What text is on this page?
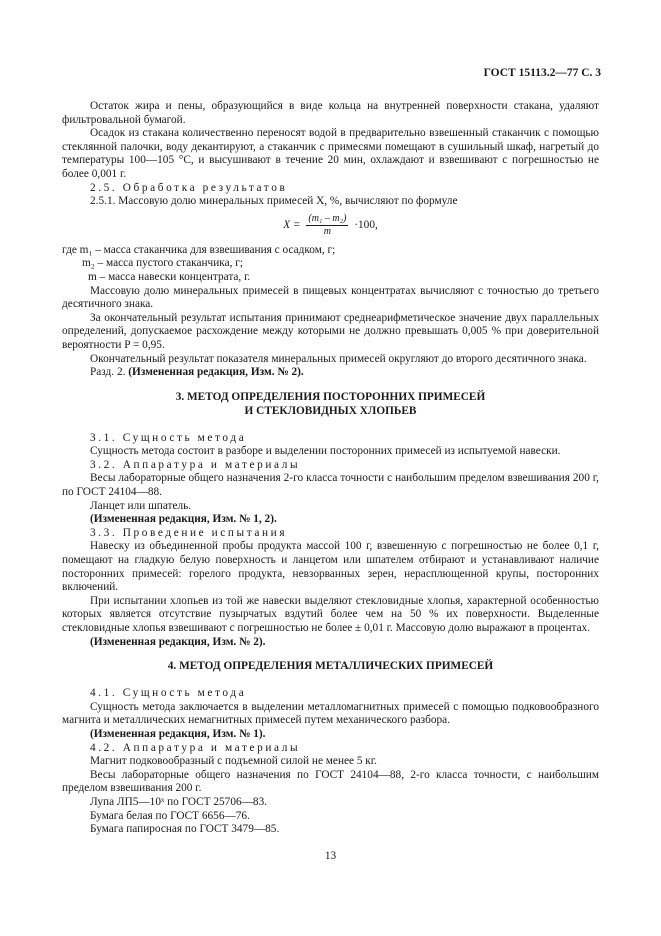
ГОСТ 15113.2—77 С. 3

Остаток жира и пены, образующийся в виде кольца на внутренней поверхности стакана, удаляют фильтровальной бумагой.

Осадок из стакана количественно переносят водой в предварительно взвешенный стаканчик с помощью стеклянной палочки, воду декантируют, а стаканчик с примесями помещают в сушильный шкаф, нагретый до температуры 100—105 °С, и высушивают в течение 20 мин, охлаждают и взвешивают с погрешностью не более 0,001 г.

2.5. Обработка результатов

2.5.1. Массовую долю минеральных примесей X, %, вычисляют по формуле

$X = \frac{\text{(m₁ – m₂)}}{m} \cdot 100$,

где m₁ – масса стаканчика для взвешивания с осадком, г;

m₂ – масса пустого стаканчика, г;

m – масса навески концентрата, г.

Массовую долю минеральных примесей в пищевых концентратах вычисляют с точностью до третьего десятичного знака.

За окончательный результат испытания принимают среднеарифметическое значение двух параллельных определений, допускаемое расхождение между которыми не должно превышать 0,005 % при доверительной вероятности P = 0,95.

Окончательный результат показателя минеральных примесей округляют до второго десятичного знака.

Разд. 2. (Измененная редакция, Изм. № 2).

3. МЕТОД ОПРЕДЕЛЕНИЯ ПОСТОРОННИХ ПРИМЕСЕЙ
И СТЕКЛОВИДНЫХ ХЛОПЬЕВ

3.1. Сущность метода

Сущность метода состоит в разборе и выделении посторонних примесей из испытуемой навески.

3.2. Аппаратура и материалы

Весы лабораторные общего назначения 2-го класса точности с наибольшим пределом взвешивания 200 г, по ГОСТ 24104—88.

Ланцет или шпатель.

(Измененная редакция, Изм. № 1, 2).

3.3. Проведение испытания

Навеску из объединенной пробы продукта массой 100 г, взвешенную с погрешностью не более 0,1 г, помещают на гладкую белую поверхность и ланцетом или шпателем отбирают и устанавливают наличие посторонних примесей: горелого продукта, невзорванных зерен, нерасплющенной крупы, посторонних включений.

При испытании хлопьев из той же навески выделяют стекловидные хлопья, характерной особенностью которых является отсутствие пузырчатых вздутий более чем на 50 % их поверхности. Выделенные стекловидные хлопья взвешивают с погрешностью не более ± 0,01 г. Массовую долю выражают в процентах.

(Измененная редакция, Изм. № 2).

4. МЕТОД ОПРЕДЕЛЕНИЯ МЕТАЛЛИЧЕСКИХ ПРИМЕСЕЙ

4.1. Сущность метода

Сущность метода заключается в выделении металломагнитных примесей с помощью подковообразного магнита и металлических немагнитных примесей путем механического разбора.

(Измененная редакция, Изм. № 1).

4.2. Аппаратура и материалы

Магнит подковообразный с подъемной силой не менее 5 кг.

Весы лабораторные общего назначения по ГОСТ 24104—88, 2-го класса точности, с наибольшим пределом взвешивания 200 г.

Лупа ЛП5—10ˣ по ГОСТ 25706—83.

Бумага белая по ГОСТ 6656—76.

Бумага папиросная по ГОСТ 3479—85.

13
